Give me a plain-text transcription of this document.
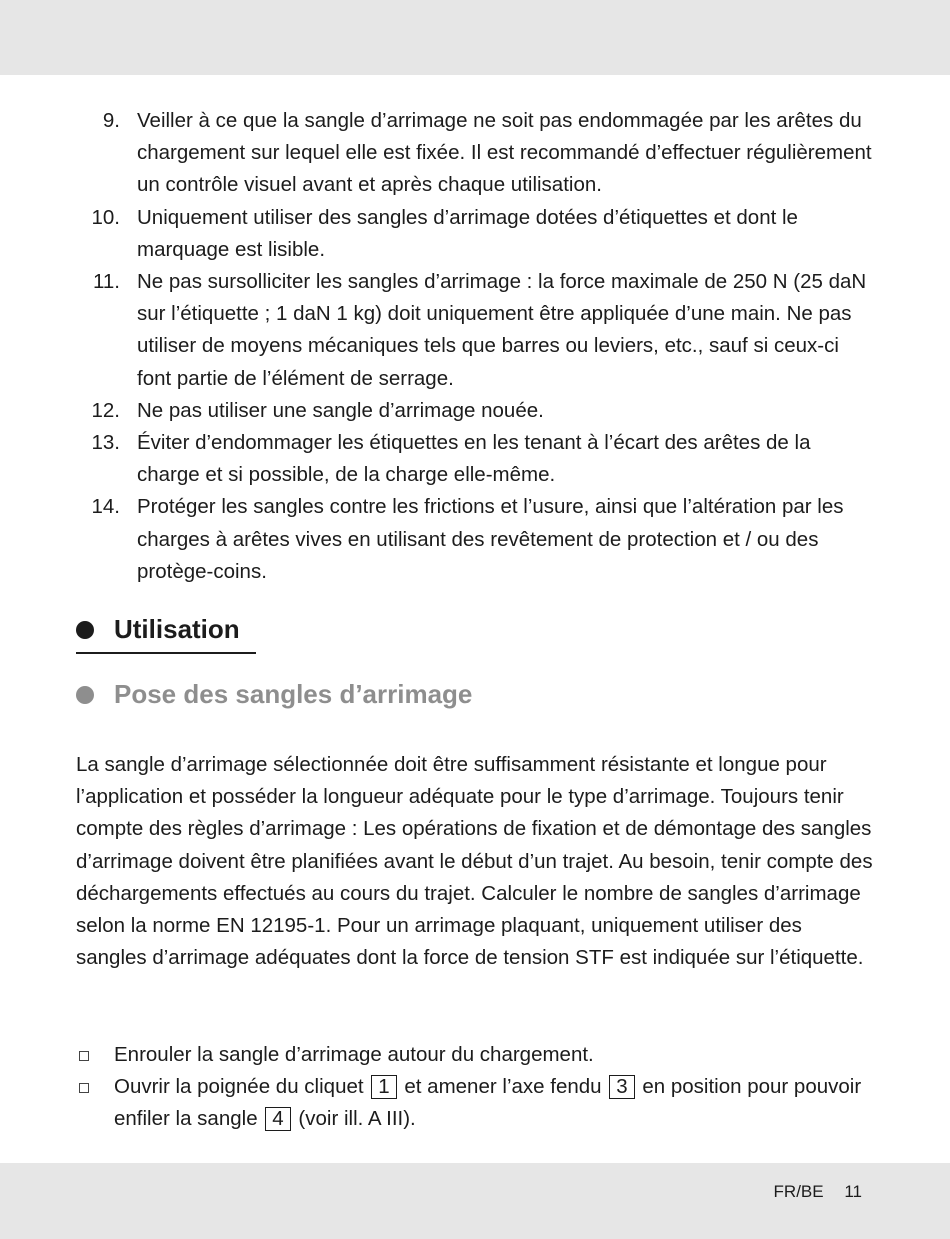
9. Veiller à ce que la sangle d’arrimage ne soit pas endommagée par les arêtes du chargement sur lequel elle est fixée. Il est recommandé d’effectuer régulièrement un contrôle visuel avant et après chaque utilisation.
10. Uniquement utiliser des sangles d’arrimage dotées d’étiquettes et dont le marquage est lisible.
11. Ne pas sursolliciter les sangles d’arrimage : la force maximale de 250 N (25 daN sur l’étiquette ; 1 daN 1 kg) doit uniquement être appliquée d’une main. Ne pas utiliser de moyens mécaniques tels que barres ou leviers, etc., sauf si ceux-ci font partie de l’élément de serrage.
12. Ne pas utiliser une sangle d’arrimage nouée.
13. Éviter d’endommager les étiquettes en les tenant à l’écart des arêtes de la charge et si possible, de la charge elle-même.
14. Protéger les sangles contre les frictions et l’usure, ainsi que l’altération par les charges à arêtes vives en utilisant des revêtement de protection et / ou des protège-coins.
Utilisation
Pose des sangles d’arrimage

La sangle d’arrimage sélectionnée doit être suffisamment résistante et longue pour l’application et posséder la longueur adéquate pour le type d’arrimage. Toujours tenir compte des règles d’arrimage : Les opérations de fixation et de démontage des sangles d’arrimage doivent être planifiées avant le début d’un trajet. Au besoin, tenir compte des déchargements effectués au cours du trajet. Calculer le nombre de sangles d’arrimage selon la norme EN 12195-1. Pour un arrimage plaquant, uniquement utiliser des sangles d’arrimage adéquates dont la force de tension STF est indiquée sur l’étiquette.

Enrouler la sangle d’arrimage autour du chargement.
Ouvrir la poignée du cliquet 1 et amener l’axe fendu 3 en position pour pouvoir enfiler la sangle 4 (voir ill. A III).
FR/BE 11
